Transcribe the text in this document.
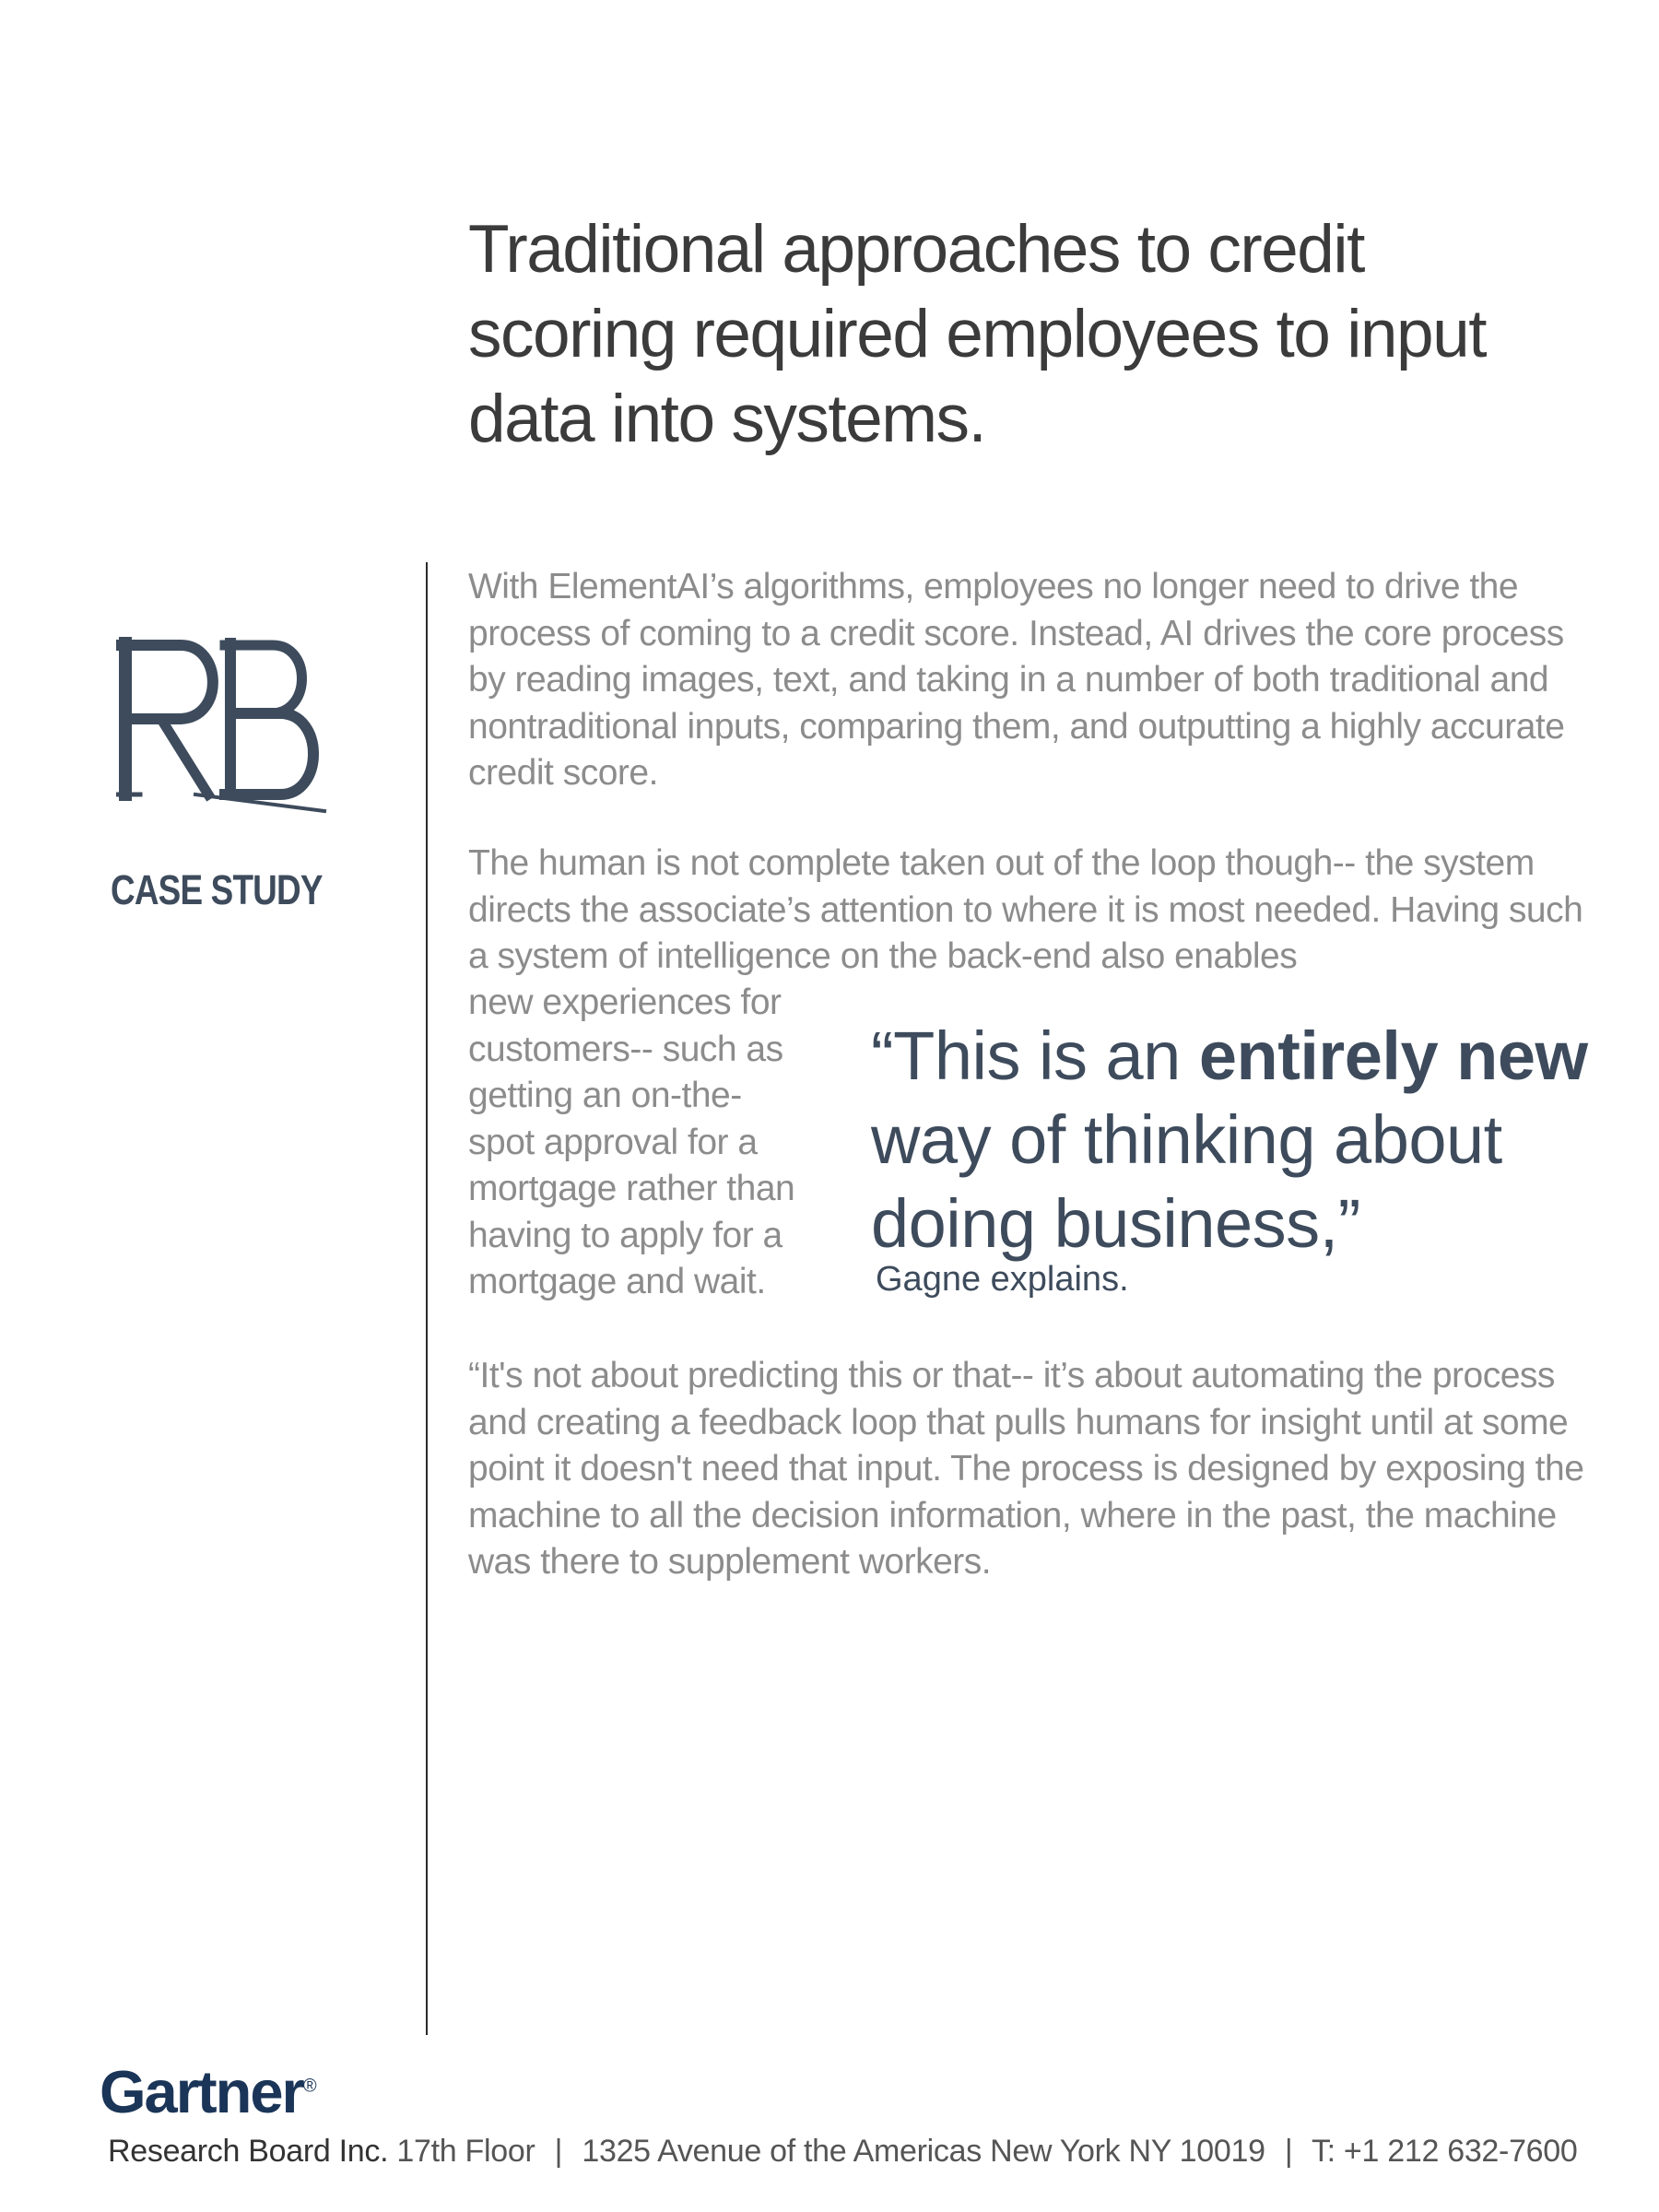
Traditional approaches to credit
scoring required employees to input
data into systems.
CASE STUDY

With ElementAI’s algorithms, employees no longer need to drive the process of coming to a credit score. Instead, AI drives the core process by reading images, text, and taking in a number of both traditional and nontraditional inputs, comparing them, and outputting a highly accurate credit score.

The human is not complete taken out of the loop though-- the system directs the associate’s attention to where it is most needed. Having such a system of intelligence on the back-end also enables

new experiences for
customers-- such as
getting an on-the-
spot approval for a
mortgage rather than
having to apply for a
mortgage and wait.

“This is an entirely new way of thinking about doing business,”
Gagne explains.

“It's not about predicting this or that-- it’s about automating the process and creating a feedback loop that pulls humans for insight until at some point it doesn't need that input. The process is designed by exposing the machine to all the decision information, where in the past, the machine was there to supplement workers.

Gartner®
Research Board Inc. 17th Floor | 1325 Avenue of the Americas New York NY 10019 | T: +1 212 632-7600
